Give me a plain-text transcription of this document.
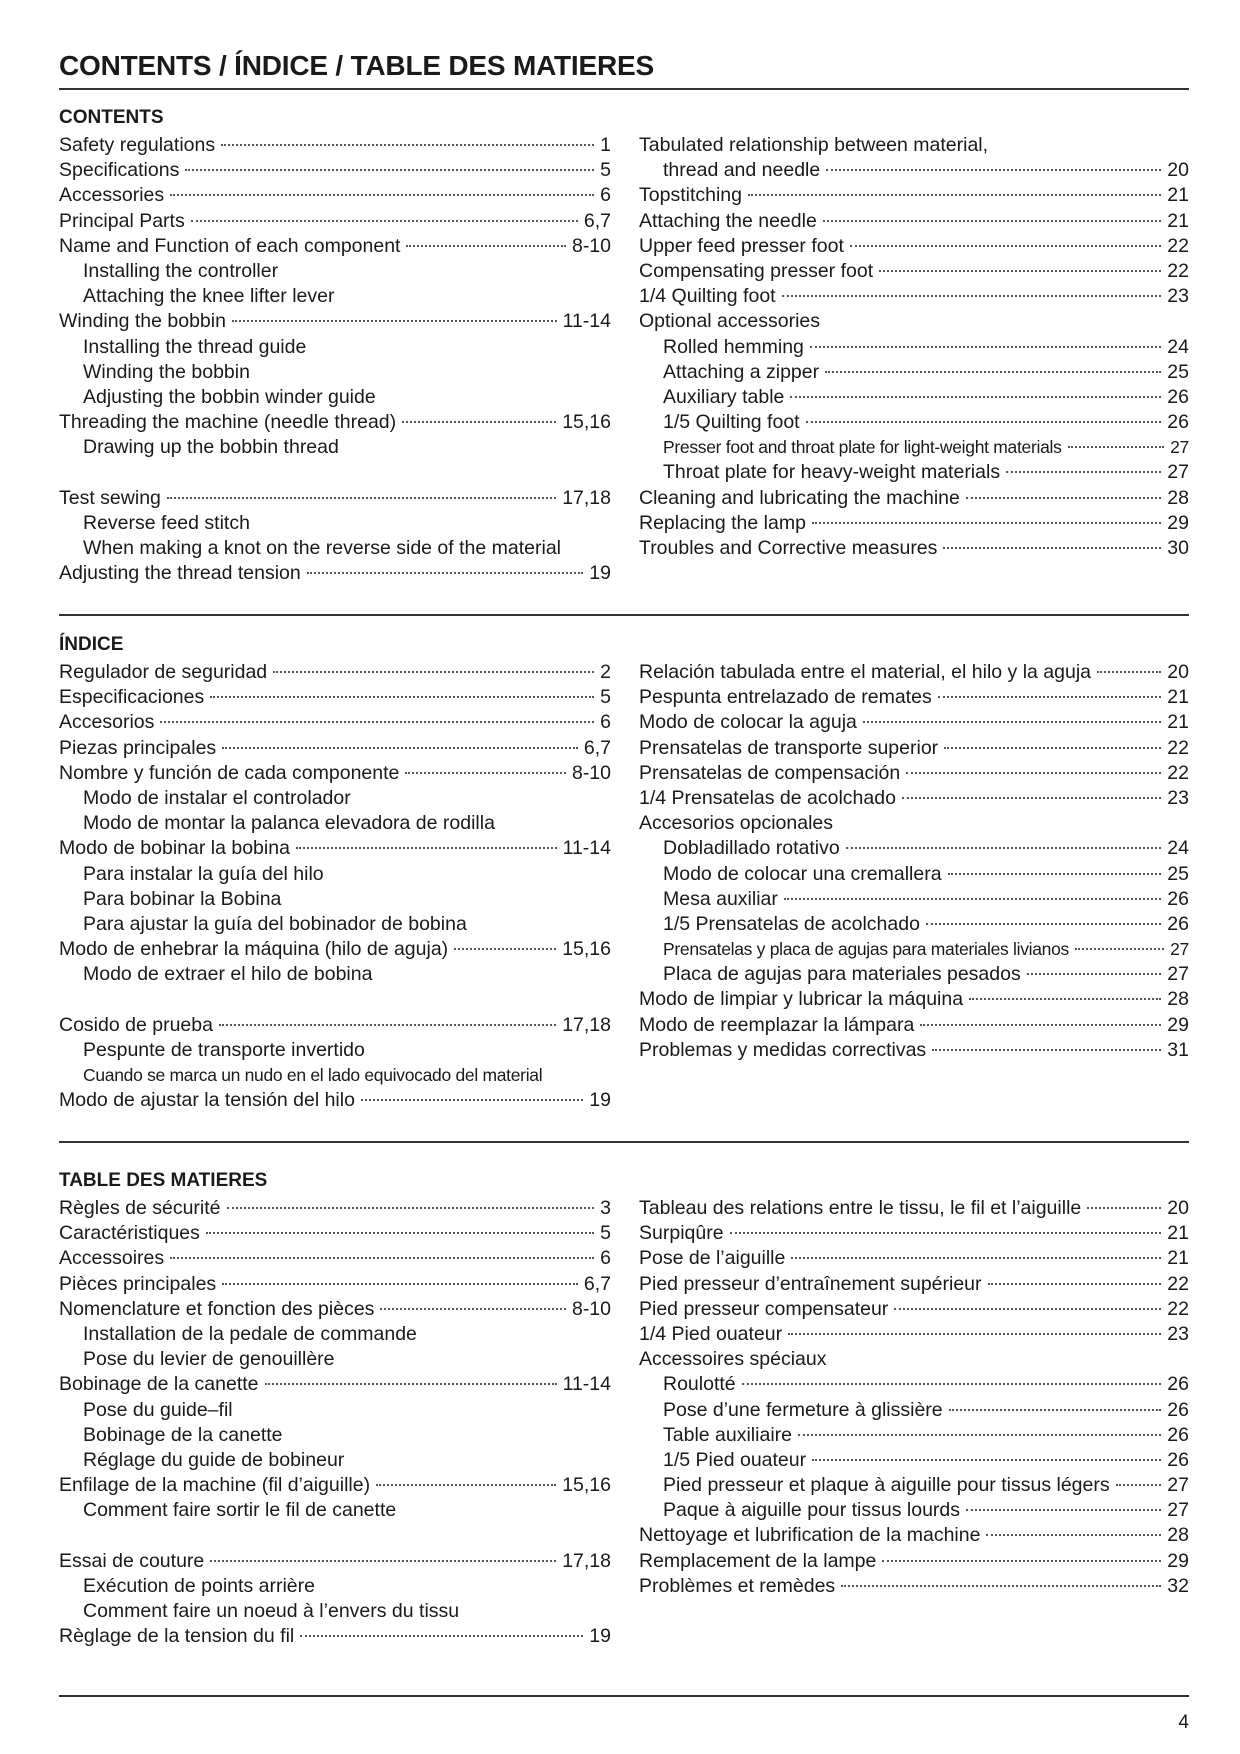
CONTENTS / ÍNDICE / TABLE DES MATIERES
CONTENTS
Safety regulations	1
Specifications	5
Accessories	6
Principal Parts	6,7
Name and Function of each component	8-10
Installing the controller
Attaching the knee lifter lever
Winding the bobbin	11-14
Installing the thread guide
Winding the bobbin
Adjusting the bobbin winder guide
Threading the machine (needle thread)	15,16
Drawing up the bobbin thread
Test sewing	17,18
Reverse feed stitch
When making a knot on the reverse side of the material
Adjusting the thread tension	19
Tabulated relationship between material,
thread and needle	20
Topstitching	21
Attaching the needle	21
Upper feed presser foot	22
Compensating presser foot	22
1/4 Quilting foot	23
Optional accessories
Rolled hemming	24
Attaching a zipper	25
Auxiliary table	26
1/5 Quilting foot	26
Presser foot and throat plate for light-weight materials	27
Throat plate for heavy-weight materials	27
Cleaning and lubricating the machine	28
Replacing the lamp	29
Troubles and Corrective measures	30
ÍNDICE
Regulador de seguridad	2
Especificaciones	5
Accesorios	6
Piezas principales	6,7
Nombre y función de cada componente	8-10
Modo de instalar el controlador
Modo de montar la palanca elevadora de rodilla
Modo de bobinar la bobina	11-14
Para instalar la guía del hilo
Para bobinar la Bobina
Para ajustar la guía del bobinador de bobina
Modo de enhebrar la máquina (hilo de aguja)	15,16
Modo de extraer el hilo de bobina
Cosido de prueba	17,18
Pespunte de transporte invertido
Cuando se marca un nudo en el lado equivocado del material
Modo de ajustar la tensión del hilo	19
Relación tabulada entre el material, el hilo y la aguja	20
Pespunta entrelazado de remates	21
Modo de colocar la aguja	21
Prensatelas de transporte superior	22
Prensatelas de compensación	22
1/4 Prensatelas de acolchado	23
Accesorios opcionales
Dobladillado rotativo	24
Modo de colocar una cremallera	25
Mesa auxiliar	26
1/5 Prensatelas de acolchado	26
Prensatelas y placa de agujas para materiales livianos	27
Placa de agujas para materiales pesados	27
Modo de limpiar y lubricar la máquina	28
Modo de reemplazar la lámpara	29
Problemas y medidas correctivas	31
TABLE DES MATIERES
Règles de sécurité	3
Caractéristiques	5
Accessoires	6
Pièces principales	6,7
Nomenclature et fonction des pièces	8-10
Installation de la pedale de commande
Pose du levier de genouillère
Bobinage de la canette	11-14
Pose du guide–fil
Bobinage de la canette
Réglage du guide de bobineur
Enfilage de la machine (fil d’aiguille)	15,16
Comment faire sortir le fil de canette
Essai de couture	17,18
Exécution de points arrière
Comment faire un noeud à l’envers du tissu
Règlage de la tension du fil	19
Tableau des relations entre le tissu, le fil et l’aiguille	20
Surpiqûre	21
Pose de l’aiguille	21
Pied presseur d’entraînement supérieur	22
Pied presseur compensateur	22
1/4 Pied ouateur	23
Accessoires spéciaux
Roulotté	26
Pose d’une fermeture à glissière	26
Table auxiliaire	26
1/5 Pied ouateur	26
Pied presseur et plaque à aiguille pour tissus légers	27
Paque à aiguille pour tissus lourds	27
Nettoyage et lubrification de la machine	28
Remplacement de la lampe	29
Problèmes et remèdes	32
4
